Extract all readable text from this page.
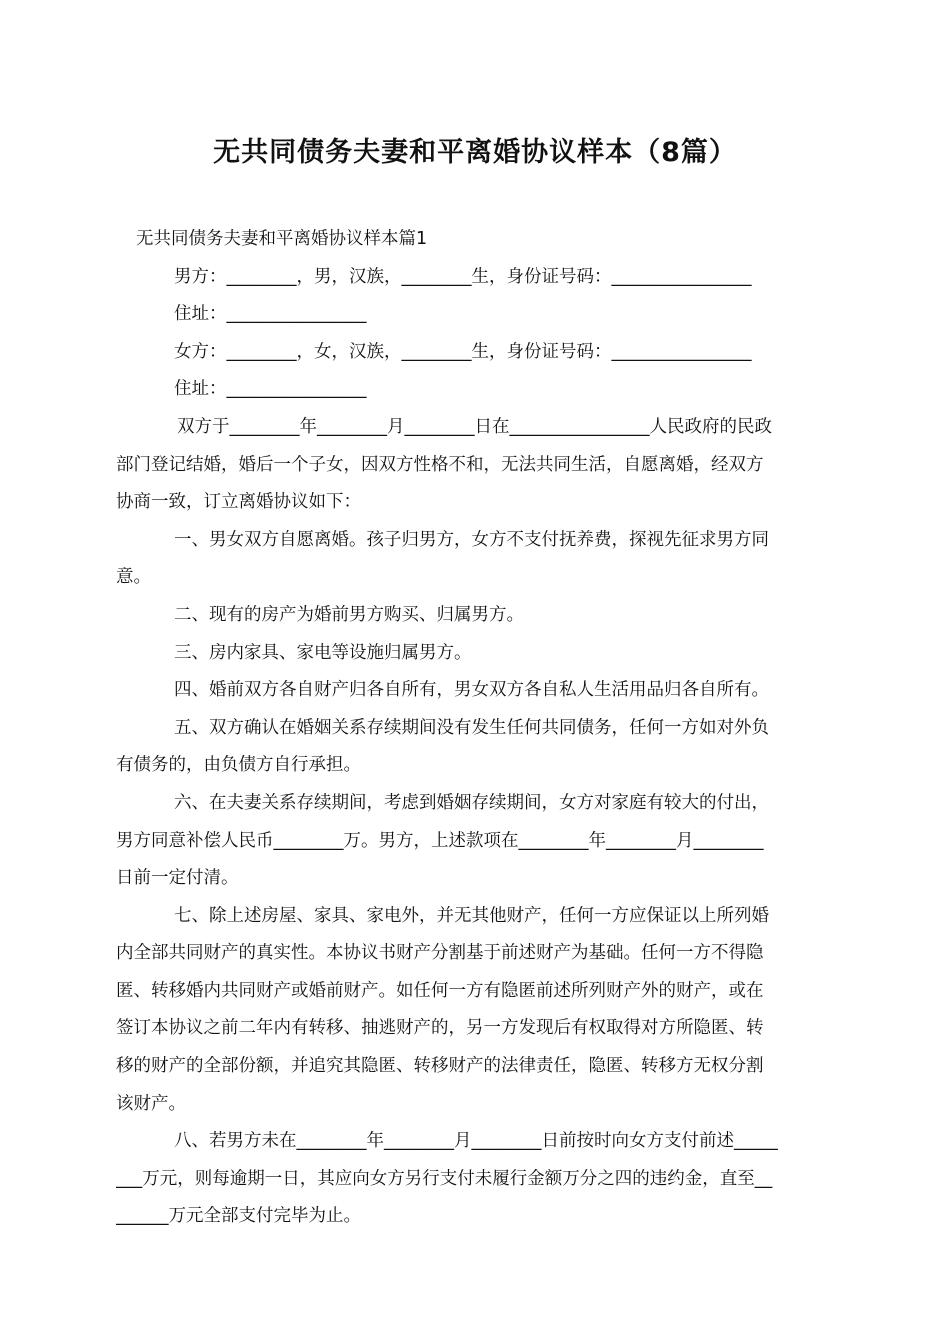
无共同债务夫妻和平离婚协议样本（8篇）
无共同债务夫妻和平离婚协议样本篇1
男方：________，男，汉族，________生，身份证号码：________________
住址：________________
女方：________，女，汉族，________生，身份证号码：________________
住址：________________
双方于________年________月________日在________________人民政府的民政
部门登记结婚，婚后一个子女，因双方性格不和，无法共同生活，自愿离婚，经双方
协商一致，订立离婚协议如下：
一、男女双方自愿离婚。孩子归男方，女方不支付抚养费，探视先征求男方同
意。
二、现有的房产为婚前男方购买、归属男方。
三、房内家具、家电等设施归属男方。
四、婚前双方各自财产归各自所有，男女双方各自私人生活用品归各自所有。
五、双方确认在婚姻关系存续期间没有发生任何共同债务，任何一方如对外负
有债务的，由负债方自行承担。
六、在夫妻关系存续期间，考虑到婚姻存续期间，女方对家庭有较大的付出，
男方同意补偿人民币________万。男方，上述款项在________年________月________
日前一定付清。
七、除上述房屋、家具、家电外，并无其他财产，任何一方应保证以上所列婚
内全部共同财产的真实性。本协议书财产分割基于前述财产为基础。任何一方不得隐
匿、转移婚内共同财产或婚前财产。如任何一方有隐匿前述所列财产外的财产，或在
签订本协议之前二年内有转移、抽逃财产的，另一方发现后有权取得对方所隐匿、转
移的财产的全部份额，并追究其隐匿、转移财产的法律责任，隐匿、转移方无权分割
该财产。
八、若男方未在________年________月________日前按时向女方支付前述_____
___万元，则每逾期一日，其应向女方另行支付未履行金额万分之四的违约金，直至__
______万元全部支付完毕为止。
